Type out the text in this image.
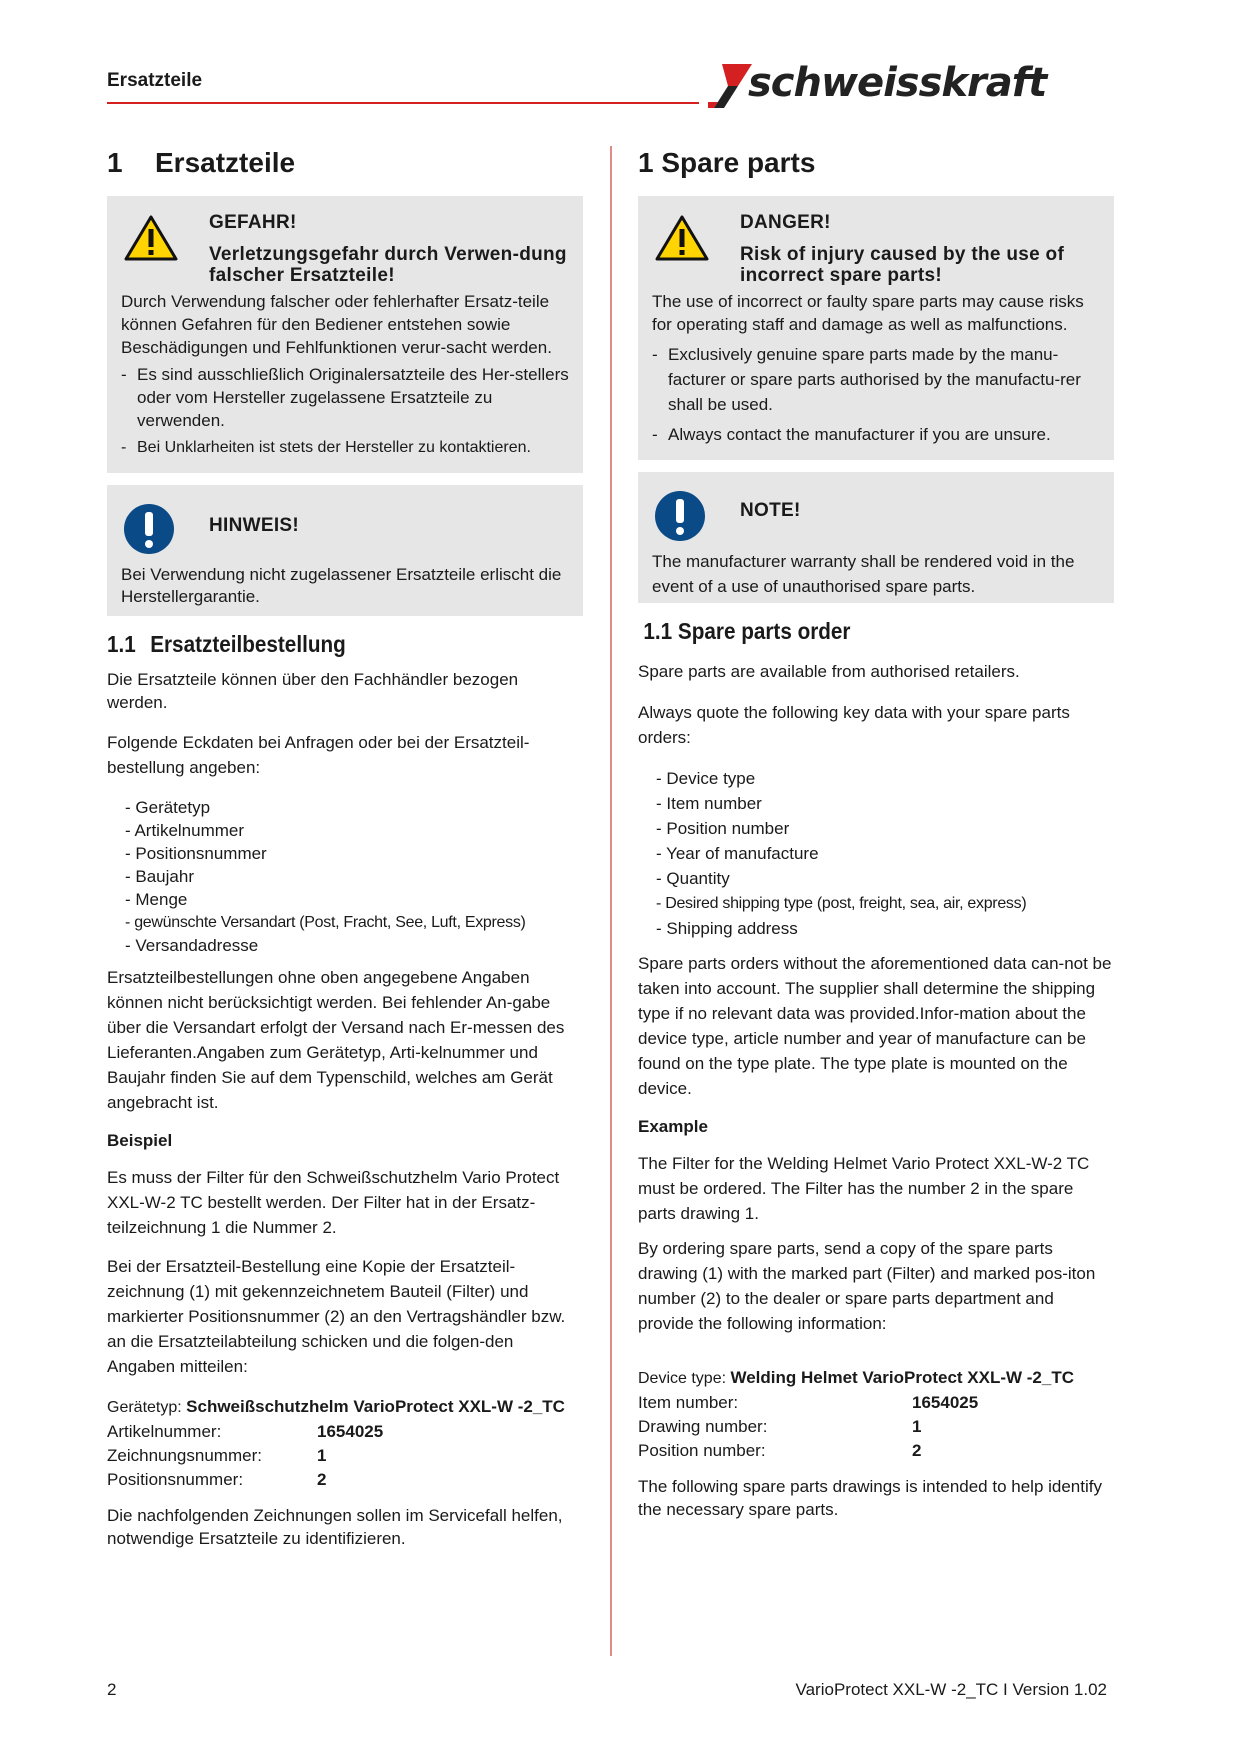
Ersatzteile	schweisskraft
1	Ersatzteile
GEFAHR!
Verletzungsgefahr durch Verwen-dung falscher Ersatzteile!

Durch Verwendung falscher oder fehlerhafter Ersatz-teile können Gefahren für den Bediener entstehen sowie Beschädigungen und Fehlfunktionen verur-sacht werden.

- Es sind ausschließlich Originalersatzteile des Her-stellers oder vom Hersteller zugelassene Ersatzteile zu verwenden.
- Bei Unklarheiten ist stets der Hersteller zu kontaktieren.
HINWEIS!

Bei Verwendung nicht zugelassener Ersatzteile erlischt die Herstellergarantie.

1.1 Ersatzteilbestellung

Die Ersatzteile können über den Fachhändler bezogen werden.

Folgende Eckdaten bei Anfragen oder bei der Ersatzteil-bestellung angeben:

- Gerätetyp
- Artikelnummer
- Positionsnummer
- Baujahr
- Menge
- gewünschte Versandart (Post, Fracht, See, Luft, Express)
- Versandadresse

Ersatzteilbestellungen ohne oben angegebene Angaben können nicht berücksichtigt werden. Bei fehlender An-gabe über die Versandart erfolgt der Versand nach Er-messen des Lieferanten.Angaben zum Gerätetyp, Arti-kelnummer und Baujahr finden Sie auf dem Typenschild, welches am Gerät angebracht ist.

Beispiel

Es muss der Filter für den Schweißschutzhelm Vario Protect XXL-W-2 TC bestellt werden. Der Filter hat in der Ersatz-teilzeichnung 1 die Nummer 2.

Bei der Ersatzteil-Bestellung eine Kopie der Ersatzteil-zeichnung (1) mit gekennzeichnetem Bauteil (Filter) und markierter Positionsnummer (2) an den Vertragshändler bzw. an die Ersatzteilabteilung schicken und die folgen-den Angaben mitteilen:

Gerätetyp: Schweißschutzhelm VarioProtect XXL-W -2_TC
Artikelnummer:	1654025
Zeichnungsnummer:	1
Positionsnummer:	2

Die nachfolgenden Zeichnungen sollen im Servicefall helfen, notwendige Ersatzteile zu identifizieren.

1 Spare parts
DANGER!
Risk of injury caused by the use of incorrect spare parts!

The use of incorrect or faulty spare parts may cause risks for operating staff and damage as well as malfunctions.

- Exclusively genuine spare parts made by the manu-facturer or spare parts authorised by the manufactu-rer shall be used.
- Always contact the manufacturer if you are unsure.
NOTE!

The manufacturer warranty shall be rendered void in the event of a use of unauthorised spare parts.

1.1 Spare parts order

Spare parts are available from authorised retailers.

Always quote the following key data with your spare parts orders:

- Device type
- Item number
- Position number
- Year of manufacture
- Quantity
- Desired shipping type (post, freight, sea, air, express)
- Shipping address

Spare parts orders without the aforementioned data can-not be taken into account. The supplier shall determine the shipping type if no relevant data was provided.Infor-mation about the device type, article number and year of manufacture can be found on the type plate. The type plate is mounted on the device.

Example

The Filter for the Welding Helmet Vario Protect XXL-W-2 TC must be ordered. The Filter has the number 2 in the spare parts drawing 1.

By ordering spare parts, send a copy of the spare parts drawing (1) with the marked part (Filter) and marked pos-iton number (2) to the dealer or spare parts department and provide the following information:

Device type: Welding Helmet VarioProtect XXL-W -2_TC
Item number:	1654025
Drawing number:	1
Position number:	2

The following spare parts drawings is intended to help identify the necessary spare parts.

2	VarioProtect XXL-W -2_TC I Version 1.02
